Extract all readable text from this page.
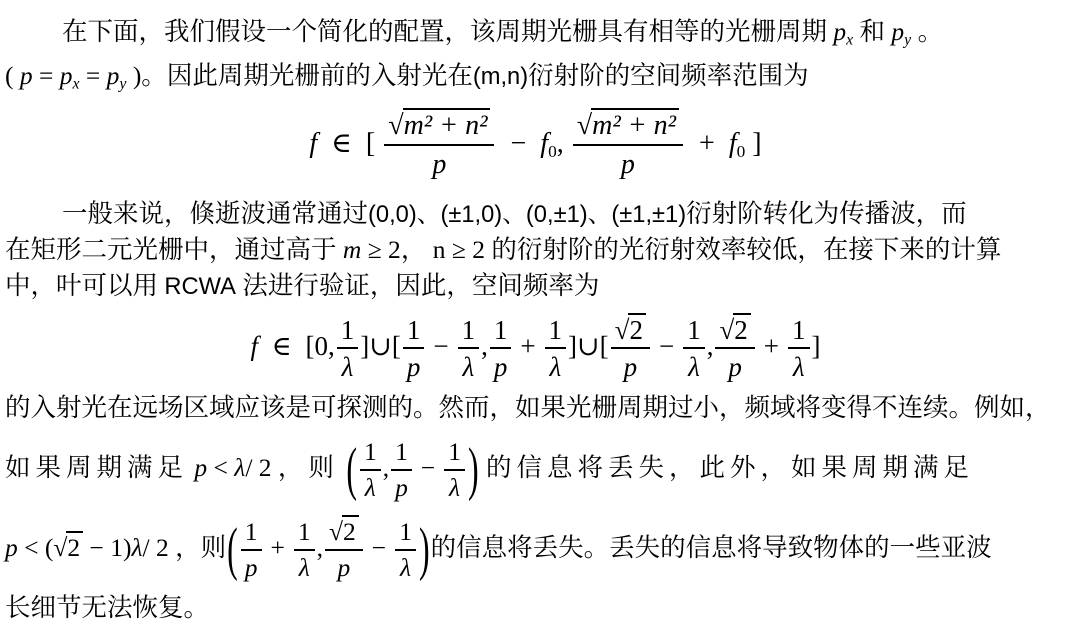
在下面，我们假设一个简化的配置，该周期光栅具有相等的光栅周期 $p_x$ 和 $p_y$ 。
( $p = p_x = p_y$ )。因此周期光栅前的入射光在(m,n)衍射阶的空间频率范围为
f ∈ [ $\frac{\text{√m² + n²}}{p} - f_0$, $\frac{\text{√m² + n²}}{p} + f_0$ ]
一般来说，倏逝波通常通过(0,0)、(±1,0)、(0,±1)、(±1,±1)衍射阶转化为传播波，而
在矩形二元光栅中，通过高于 m ≥ 2， n ≥ 2 的衍射阶的光衍射效率较低，在接下来的计算
中，叶可以用 RCWA 法进行验证，因此，空间频率为
f ∈ [0, $\frac{1}{\lambda}$ ]∪[ $\frac{1}{p} - \frac{1}{\lambda}$ , $\frac{1}{p} + \frac{1}{\lambda}$ ]∪[ $\frac{√2}{p} - \frac{1}{\lambda}$ , $\frac{√2}{p} + \frac{1}{\lambda}$ ]
的入射光在远场区域应该是可探测的。然而，如果光栅周期过小，频域将变得不连续。例如，
如果周期满足 p < λ/ 2 ，则 ( $\frac{1}{\lambda}$ , $\frac{1}{p} - \frac{1}{\lambda}$ ) 的信息将丢失，此外，如果周期满足
p < (√2 − 1)λ/ 2 ，则( $\frac{1}{p} + \frac{1}{\lambda}$ , $\frac{√2}{p} - \frac{1}{\lambda}$ )的信息将丢失。丢失的信息将导致物体的一些亚波
长细节无法恢复。
